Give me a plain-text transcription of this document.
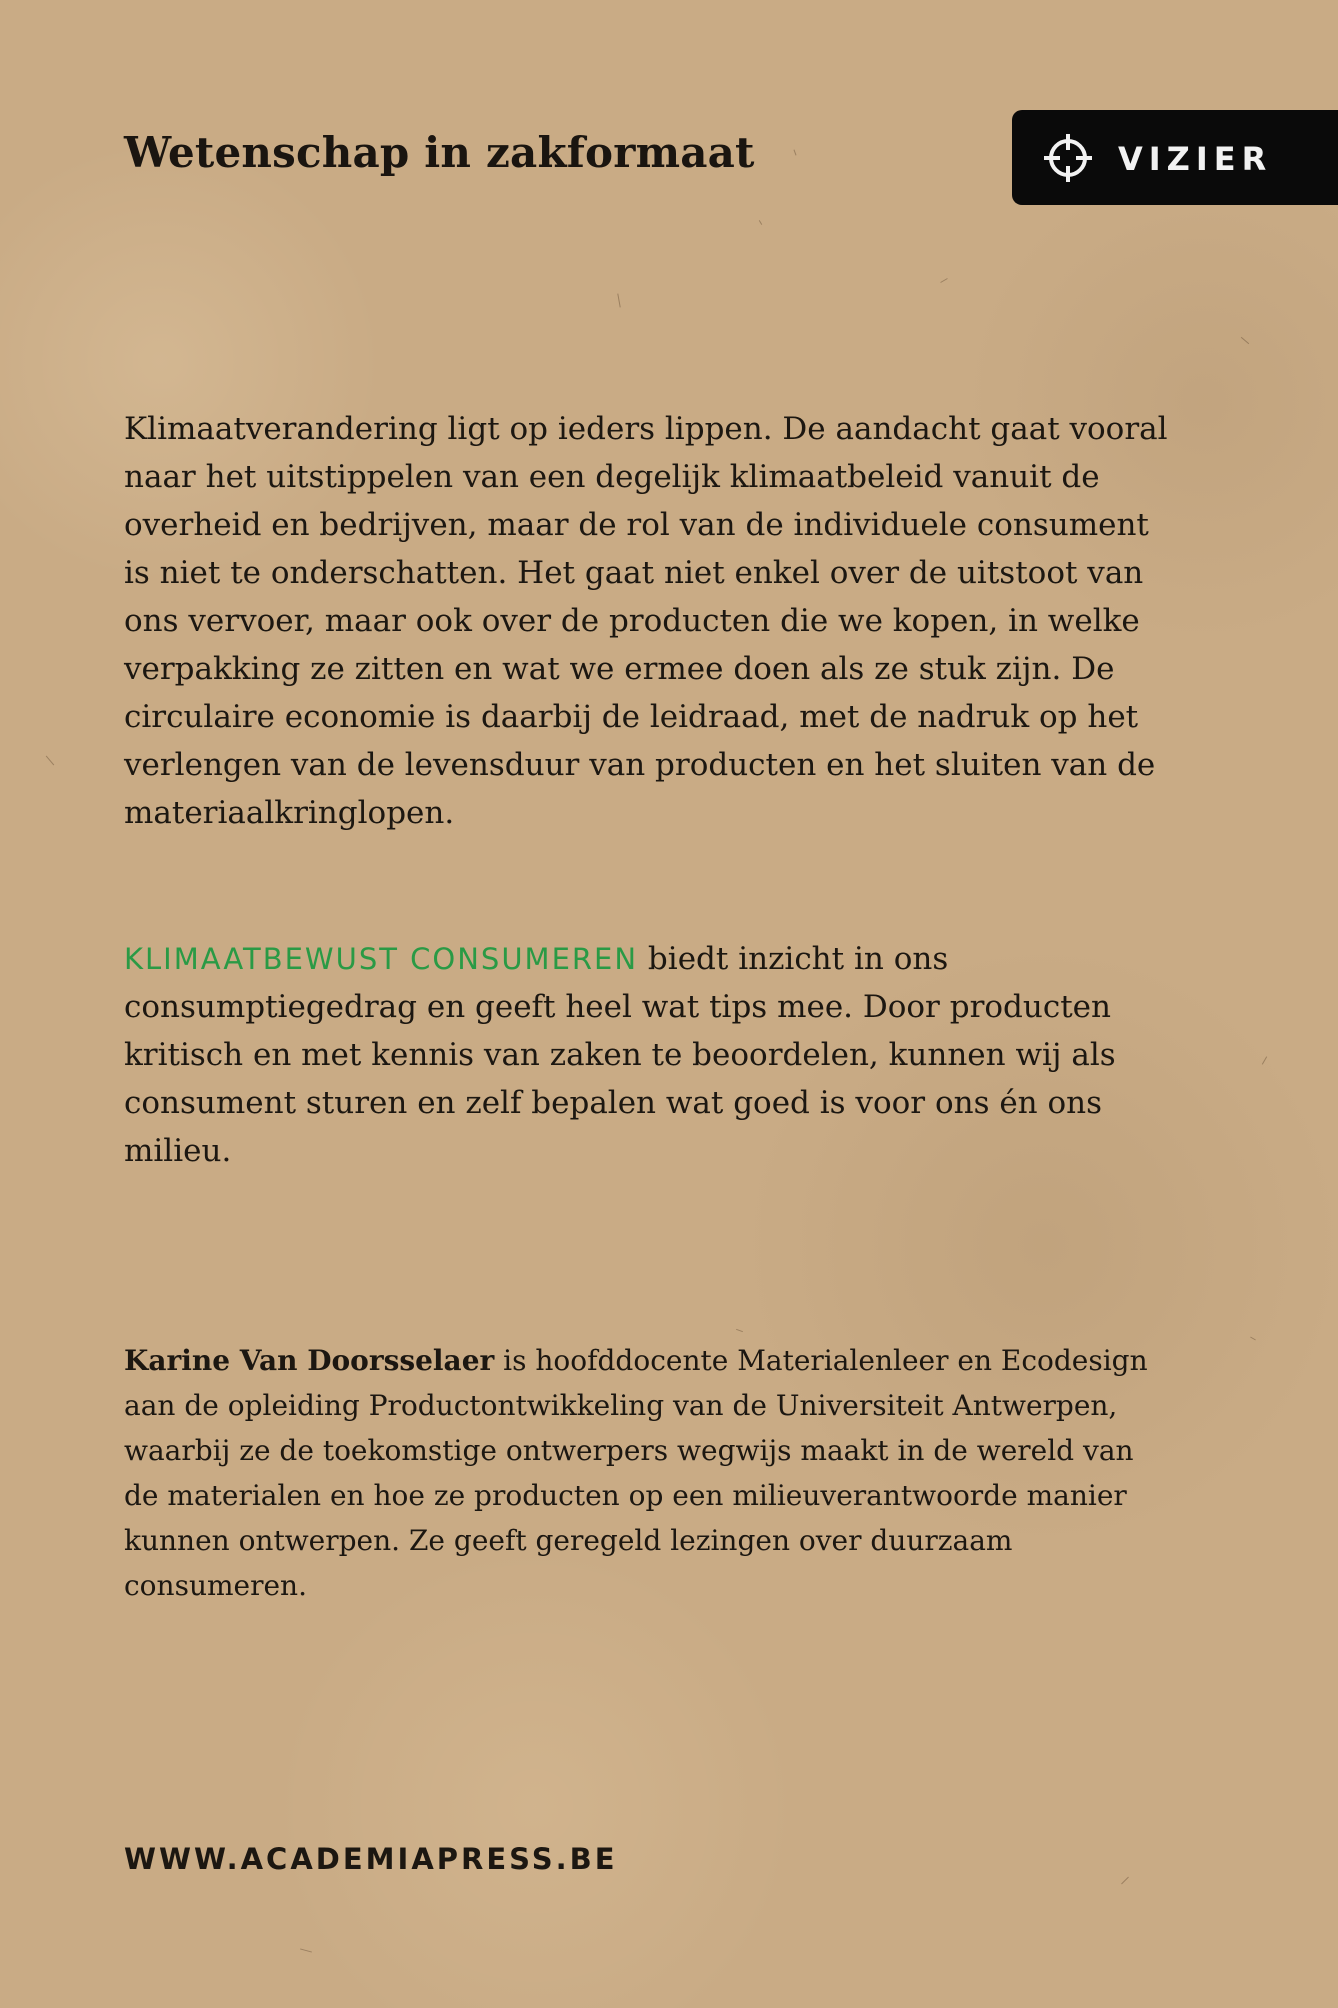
Wetenschap in zakformaat	VIZIER

Klimaatverandering ligt op ieders lippen. De aandacht gaat vooral naar het uitstippelen van een degelijk klimaatbeleid vanuit de overheid en bedrijven, maar de rol van de individuele consument is niet te onderschatten. Het gaat niet enkel over de uitstoot van ons vervoer, maar ook over de producten die we kopen, in welke verpakking ze zitten en wat we ermee doen als ze stuk zijn. De circulaire economie is daarbij de leidraad, met de nadruk op het verlengen van de levensduur van producten en het sluiten van de materiaalkringlopen.

KLIMAATBEWUST CONSUMEREN biedt inzicht in ons consumptiegedrag en geeft heel wat tips mee. Door producten kritisch en met kennis van zaken te beoordelen, kunnen wij als consument sturen en zelf bepalen wat goed is voor ons én ons milieu.

Karine Van Doorsselaer is hoofddocente Materialenleer en Ecodesign aan de opleiding Productontwikkeling van de Universiteit Antwerpen, waarbij ze de toekomstige ontwerpers wegwijs maakt in de wereld van de materialen en hoe ze producten op een milieuverantwoorde manier kunnen ontwerpen. Ze geeft geregeld lezingen over duurzaam consumeren.

WWW.ACADEMIAPRESS.BE
